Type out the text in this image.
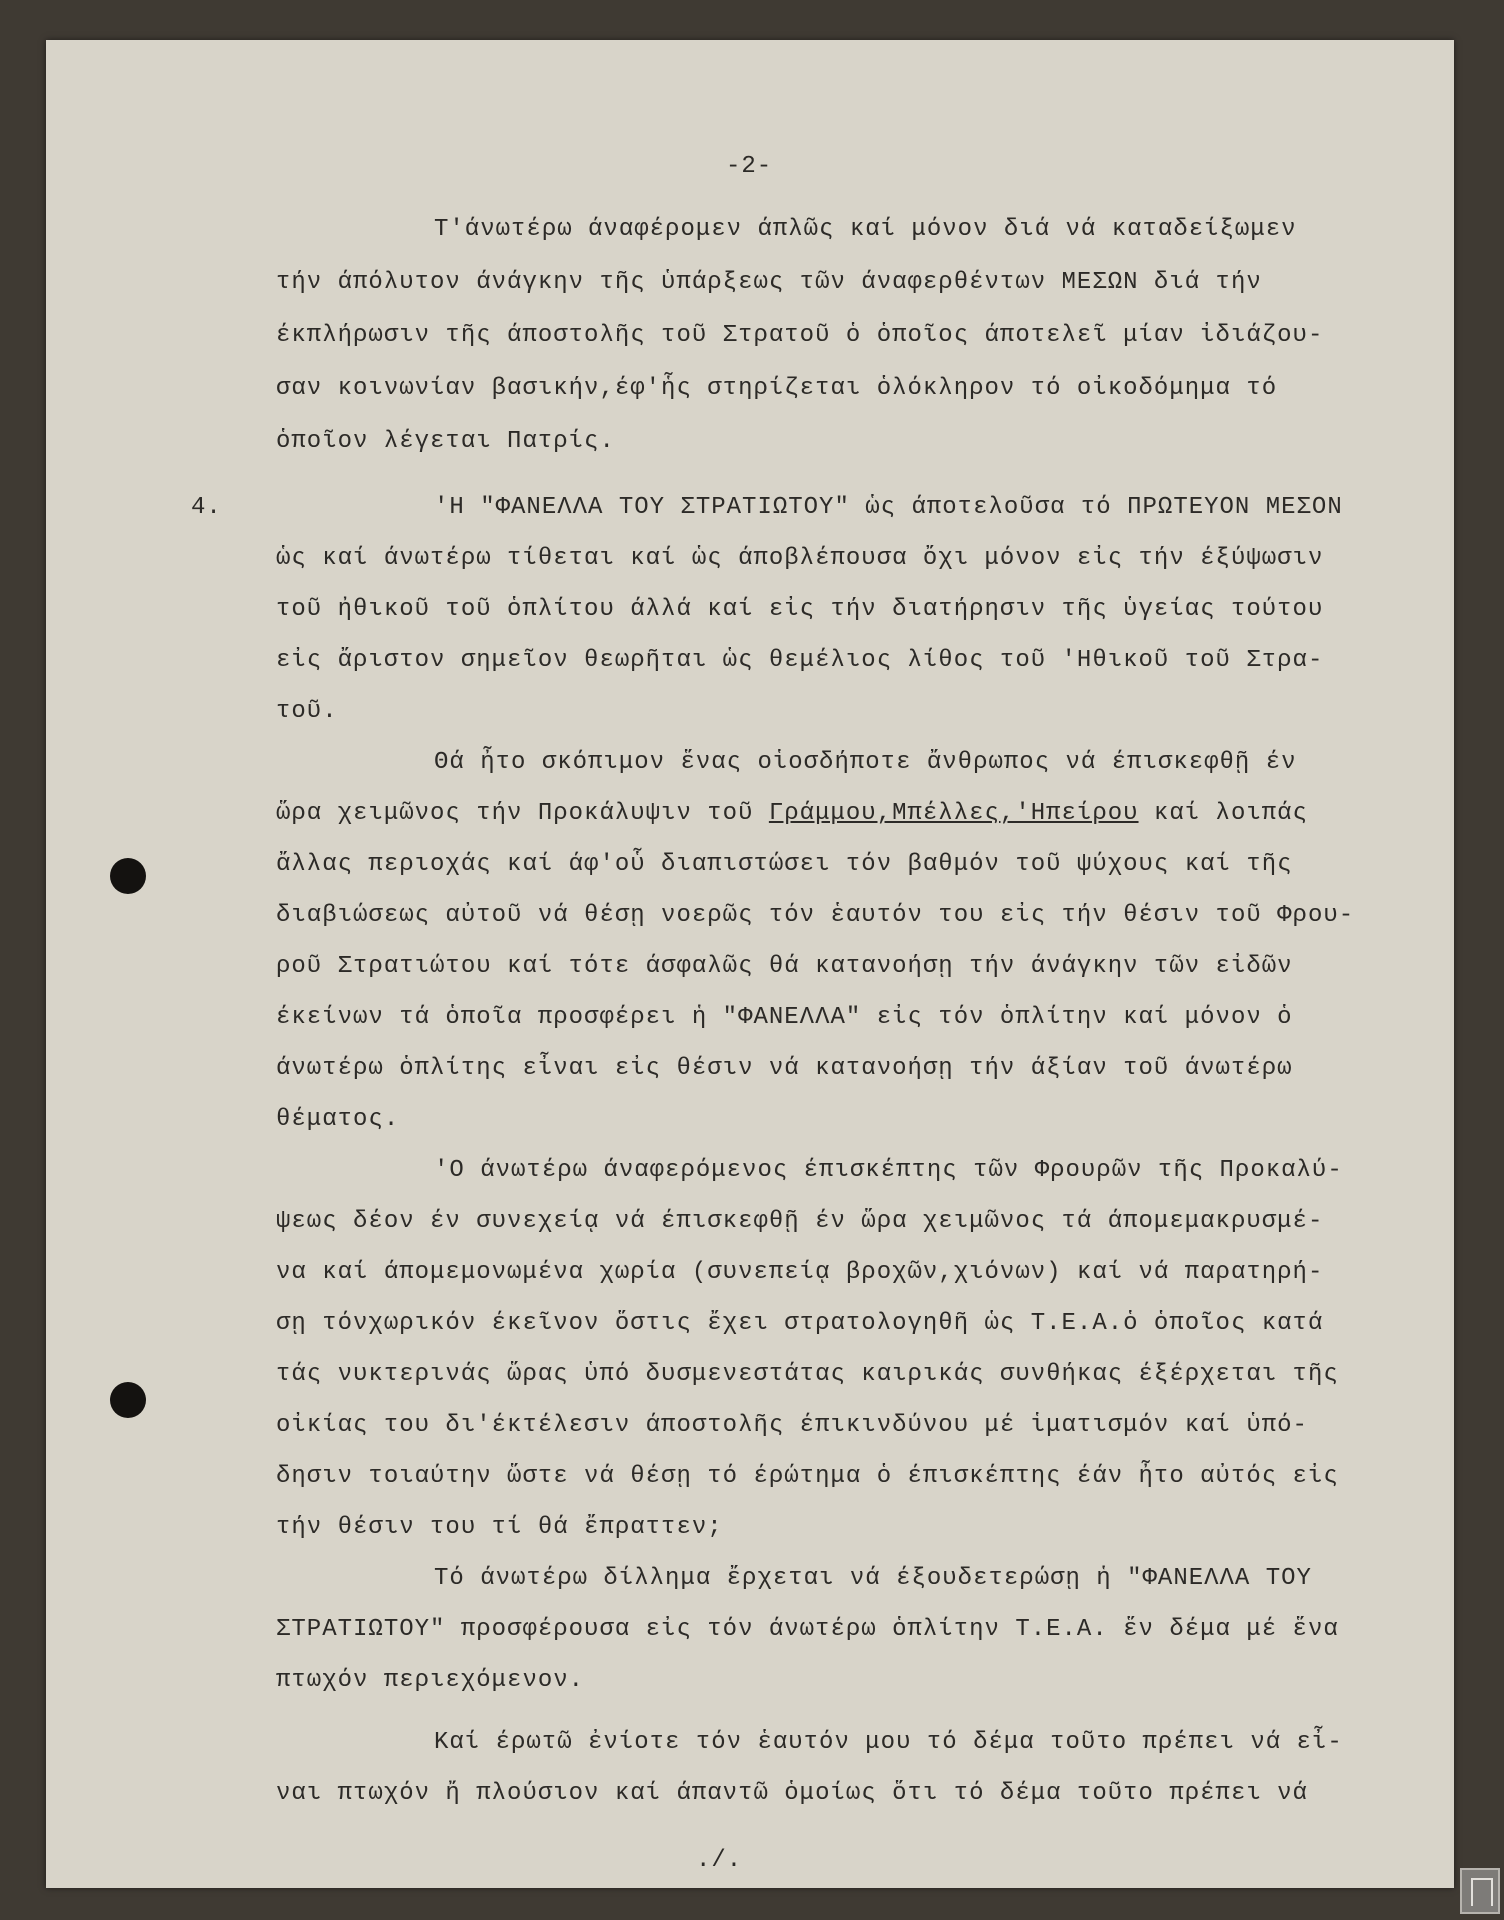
-2-
Τ'άνωτέρω άναφέρομεν άπλῶς καί μόνον διά νά καταδείξωμεν
τήν άπόλυτον άνάγκην τῆς ὑπάρξεως τῶν άναφερθέντων ΜΕΣΩΝ διά τήν
έκπλήρωσιν τῆς άποστολῆς τοῦ Στρατοῦ ὁ ὁποῖος άποτελεῖ μίαν ἰδιάζου-
σαν κοινωνίαν βασικήν,έφ'ἧς στηρίζεται ὁλόκληρον τό οἰκοδόμημα τό
ὁποῖον λέγεται Πατρίς.
4.	'Η "ΦΑΝΕΛΛΑ ΤΟΥ ΣΤΡΑΤΙΩΤΟΥ" ὡς άποτελοῦσα τό ΠΡΩΤΕΥΟΝ ΜΕΣΟΝ
ὡς καί άνωτέρω τίθεται καί ὡς άποβλέπουσα ὄχι μόνον εἰς τήν έξύψωσιν
τοῦ ἠθικοῦ τοῦ ὁπλίτου άλλά καί εἰς τήν διατήρησιν τῆς ὑγείας τούτου
εἰς ἄριστον σημεῖον θεωρῆται ὡς θεμέλιος λίθος τοῦ 'Ηθικοῦ τοῦ Στρα-
τοῦ.
Θά ἦτο σκόπιμον ἕνας οἱοσδήποτε ἄνθρωπος νά έπισκεφθῇ έν
ὥρα χειμῶνος τήν Προκάλυψιν τοῦ Γράμμου,Μπέλλες,'Ηπείρου καί λοιπάς
ἄλλας περιοχάς καί άφ'οὗ διαπιστώσει τόν βαθμόν τοῦ ψύχους καί τῆς
διαβιώσεως αὐτοῦ νά θέσῃ νοερῶς τόν ἑαυτόν του εἰς τήν θέσιν τοῦ Φρου-
ροῦ Στρατιώτου καί τότε άσφαλῶς θά κατανοήσῃ τήν άνάγκην τῶν εἰδῶν
έκείνων τά ὁποῖα προσφέρει ἡ "ΦΑΝΕΛΛΑ" εἰς τόν ὁπλίτην καί μόνον ὁ
άνωτέρω ὁπλίτης εἶναι εἰς θέσιν νά κατανοήσῃ τήν άξίαν τοῦ άνωτέρω
θέματος.
'Ο άνωτέρω άναφερόμενος έπισκέπτης τῶν Φρουρῶν τῆς Προκαλύ-
ψεως δέον έν συνεχείᾳ νά έπισκεφθῇ έν ὥρα χειμῶνος τά άπομεμακρυσμέ-
να καί άπομεμονωμένα χωρία (συνεπείᾳ βροχῶν,χιόνων) καί νά παρατηρή-
σῃ τόνχωρικόν έκεῖνον ὅστις ἔχει στρατολογηθῆ ὡς Τ.Ε.Α.ὁ ὁποῖος κατά
τάς νυκτερινάς ὥρας ὑπό δυσμενεστάτας καιρικάς συνθήκας έξέρχεται τῆς
οἰκίας του δι'έκτέλεσιν άποστολῆς έπικινδύνου μέ ἱματισμόν καί ὑπό-
δησιν τοιαύτην ὥστε νά θέσῃ τό έρώτημα ὁ έπισκέπτης έάν ἦτο αὐτός εἰς
τήν θέσιν του τί θά ἔπραττεν;
Τό άνωτέρω δίλλημα ἔρχεται νά έξουδετερώσῃ ἡ "ΦΑΝΕΛΛΑ ΤΟΥ
ΣΤΡΑΤΙΩΤΟΥ" προσφέρουσα εἰς τόν άνωτέρω ὁπλίτην Τ.Ε.Α. ἕν δέμα μέ ἕνα
πτωχόν περιεχόμενον.
Καί έρωτῶ ἐνίοτε τόν ἑαυτόν μου τό δέμα τοῦτο πρέπει νά εἶ-
ναι πτωχόν ἤ πλούσιον καί άπαντῶ ὁμοίως ὅτι τό δέμα τοῦτο πρέπει νά
./.
